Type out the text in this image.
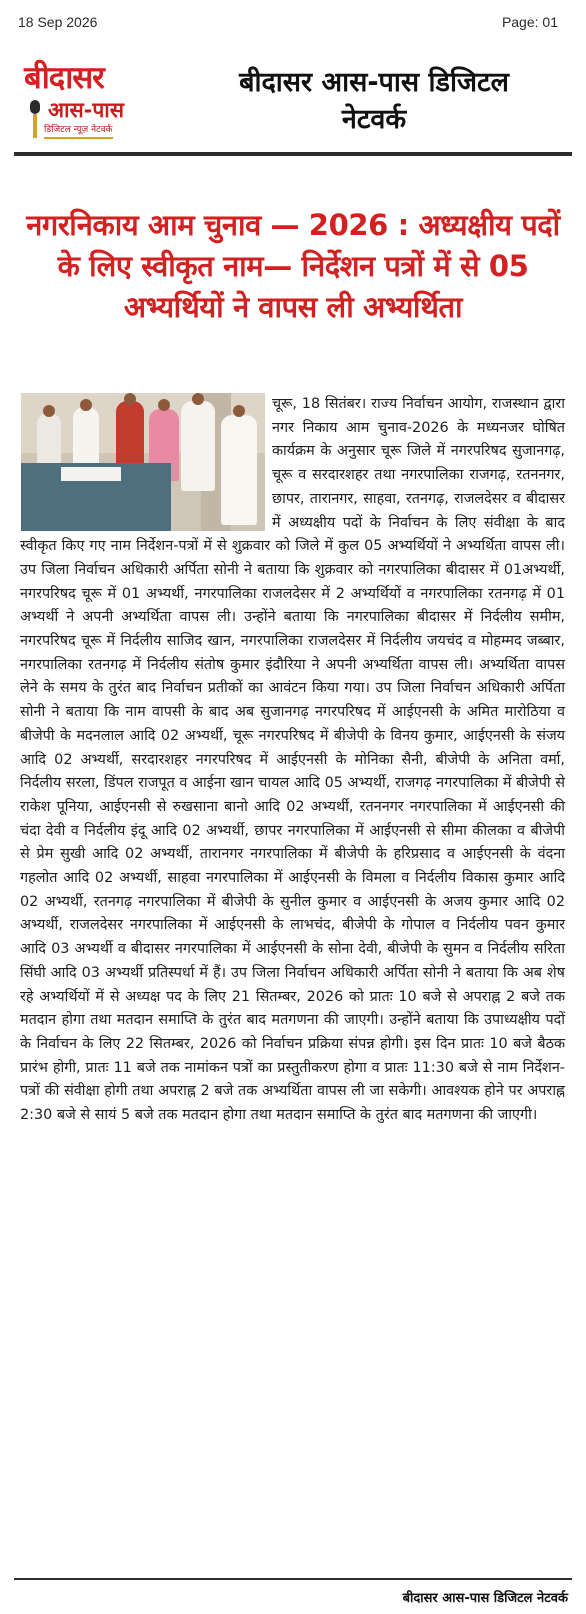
18 Sep 2026	Page: 01
बीदासर
आस-पास
डिजिटल न्यूज़ नेटवर्क
बीदासर आस-पास डिजिटल नेटवर्क
नगरनिकाय आम चुनाव — 2026 : अध्यक्षीय पदों के लिए स्वीकृत नाम— निर्देशन पत्रों में से 05 अभ्यर्थियों ने वापस ली अभ्यर्थिता
चूरू, 18 सितंबर। राज्य निर्वाचन आयोग, राजस्थान द्वारा नगर निकाय आम चुनाव-2026 के मध्यनजर घोषित कार्यक्रम के अनुसार चूरू जिले में नगरपरिषद सुजानगढ़, चूरू व सरदारशहर तथा नगरपालिका राजगढ़, रतननगर, छापर, तारानगर, साहवा, रतनगढ़, राजलदेसर व बीदासर में अध्यक्षीय पदों के निर्वाचन के लिए संवीक्षा के बाद स्वीकृत किए गए नाम निर्देशन-पत्रों में से शुक्रवार को जिले में कुल 05 अभ्यर्थियों ने अभ्यर्थिता वापस ली। उप जिला निर्वाचन अधिकारी अर्पिता सोनी ने बताया कि शुक्रवार को नगरपालिका बीदासर में 01अभ्यर्थी, नगरपरिषद चूरू में 01 अभ्यर्थी, नगरपालिका राजलदेसर में 2 अभ्यर्थियों व नगरपालिका रतनगढ़ में 01 अभ्यर्थी ने अपनी अभ्यर्थिता वापस ली। उन्होंने बताया कि नगरपालिका बीदासर में निर्दलीय समीम, नगरपरिषद चूरू में निर्दलीय साजिद खान, नगरपालिका राजलदेसर में निर्दलीय जयचंद व मोहम्मद जब्बार, नगरपालिका रतनगढ़ में निर्दलीय संतोष कुमार इंदौरिया ने अपनी अभ्यर्थिता वापस ली। अभ्यर्थिता वापस लेने के समय के तुरंत बाद निर्वाचन प्रतीकों का आवंटन किया गया। उप जिला निर्वाचन अधिकारी अर्पिता सोनी ने बताया कि नाम वापसी के बाद अब सुजानगढ़ नगरपरिषद में आईएनसी के अमित मारोठिया व बीजेपी के मदनलाल आदि 02 अभ्यर्थी, चूरू नगरपरिषद में बीजेपी के विनय कुमार, आईएनसी के संजय आदि 02 अभ्यर्थी, सरदारशहर नगरपरिषद में आईएनसी के मोनिका सैनी, बीजेपी के अनिता वर्मा, निर्दलीय सरला, डिंपल राजपूत व आईना खान चायल आदि 05 अभ्यर्थी, राजगढ़ नगरपालिका में बीजेपी से राकेश पूनिया, आईएनसी से रुखसाना बानो आदि 02 अभ्यर्थी, रतननगर नगरपालिका में आईएनसी की चंदा देवी व निर्दलीय इंदू आदि 02 अभ्यर्थी, छापर नगरपालिका में आईएनसी से सीमा कीलका व बीजेपी से प्रेम सुखी आदि 02 अभ्यर्थी, तारानगर नगरपालिका में बीजेपी के हरिप्रसाद व आईएनसी के वंदना गहलोत आदि 02 अभ्यर्थी, साहवा नगरपालिका में आईएनसी के विमला व निर्दलीय विकास कुमार आदि 02 अभ्यर्थी, रतनगढ़ नगरपालिका में बीजेपी के सुनील कुमार व आईएनसी के अजय कुमार आदि 02 अभ्यर्थी, राजलदेसर नगरपालिका में आईएनसी के लाभचंद, बीजेपी के गोपाल व निर्दलीय पवन कुमार आदि 03 अभ्यर्थी व बीदासर नगरपालिका में आईएनसी के सोना देवी, बीजेपी के सुमन व निर्दलीय सरिता सिंघी आदि 03 अभ्यर्थी प्रतिस्पर्धा में हैं। उप जिला निर्वाचन अधिकारी अर्पिता सोनी ने बताया कि अब शेष रहे अभ्यर्थियों में से अध्यक्ष पद के लिए 21 सितम्बर, 2026 को प्रातः 10 बजे से अपराह्न 2 बजे तक मतदान होगा तथा मतदान समाप्ति के तुरंत बाद मतगणना की जाएगी। उन्होंने बताया कि उपाध्यक्षीय पदों के निर्वाचन के लिए 22 सितम्बर, 2026 को निर्वाचन प्रक्रिया संपन्न होगी। इस दिन प्रातः 10 बजे बैठक प्रारंभ होगी, प्रातः 11 बजे तक नामांकन पत्रों का प्रस्तुतीकरण होगा व प्रातः 11:30 बजे से नाम निर्देशन-पत्रों की संवीक्षा होगी तथा अपराह्न 2 बजे तक अभ्यर्थिता वापस ली जा सकेगी। आवश्यक होने पर अपराह्न 2:30 बजे से सायं 5 बजे तक मतदान होगा तथा मतदान समाप्ति के तुरंत बाद मतगणना की जाएगी।
बीदासर आस-पास डिजिटल नेटवर्क
